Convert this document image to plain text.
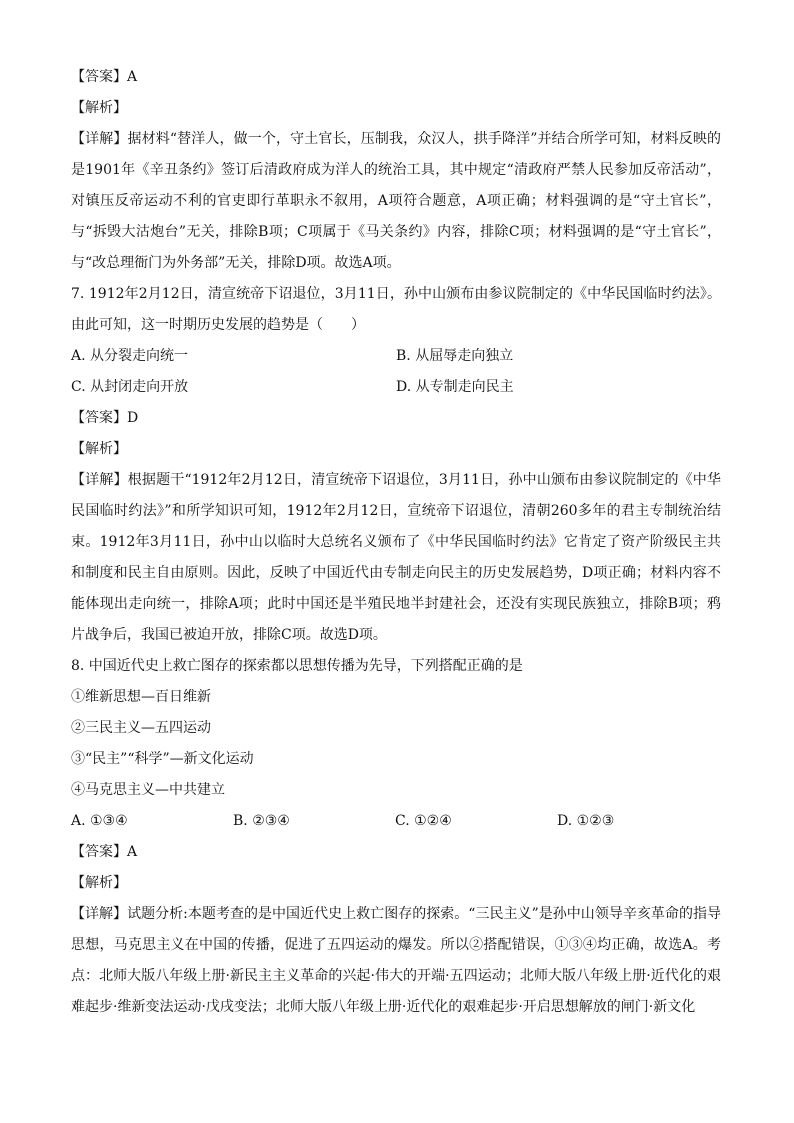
【答案】A
【解析】
【详解】据材料“替洋人，做一个，守土官长，压制我，众汉人，拱手降洋”并结合所学可知，材料反映的是1901年《辛丑条约》签订后清政府成为洋人的统治工具，其中规定“清政府严禁人民参加反帝活动”，对镇压反帝运动不利的官吏即行革职永不叙用，A项符合题意，A项正确；材料强调的是“守土官长”，与“拆毁大沽炮台”无关，排除B项；C项属于《马关条约》内容，排除C项；材料强调的是“守土官长”，与“改总理衙门为外务部”无关，排除D项。故选A项。
7. 1912年2月12日，清宣统帝下诏退位，3月11日，孙中山颁布由参议院制定的《中华民国临时约法》。由此可知，这一时期历史发展的趋势是（　　）
A. 从分裂走向统一	B. 从屈辱走向独立
C. 从封闭走向开放	D. 从专制走向民主
【答案】D
【解析】
【详解】根据题干“1912年2月12日，清宣统帝下诏退位，3月11日，孙中山颁布由参议院制定的《中华民国临时约法》”和所学知识可知，1912年2月12日，宣统帝下诏退位，清朝260多年的君主专制统治结束。1912年3月11日，孙中山以临时大总统名义颁布了《中华民国临时约法》它肯定了资产阶级民主共和制度和民主自由原则。因此，反映了中国近代由专制走向民主的历史发展趋势，D项正确；材料内容不能体现出走向统一，排除A项；此时中国还是半殖民地半封建社会，还没有实现民族独立，排除B项；鸦片战争后，我国已被迫开放，排除C项。故选D项。
8. 中国近代史上救亡图存的探索都以思想传播为先导，下列搭配正确的是
①维新思想—百日维新
②三民主义—五四运动
③“民主”“科学”—新文化运动
④马克思主义—中共建立
A. ①③④	B. ②③④	C. ①②④	D. ①②③
【答案】A
【解析】
【详解】试题分析:本题考查的是中国近代史上救亡图存的探索。“三民主义”是孙中山领导辛亥革命的指导思想，马克思主义在中国的传播，促进了五四运动的爆发。所以②搭配错误，①③④均正确，故选A。考点：北师大版八年级上册·新民主主义革命的兴起·伟大的开端·五四运动；北师大版八年级上册·近代化的艰难起步·维新变法运动·戊戌变法；北师大版八年级上册·近代化的艰难起步·开启思想解放的闸门·新文化
